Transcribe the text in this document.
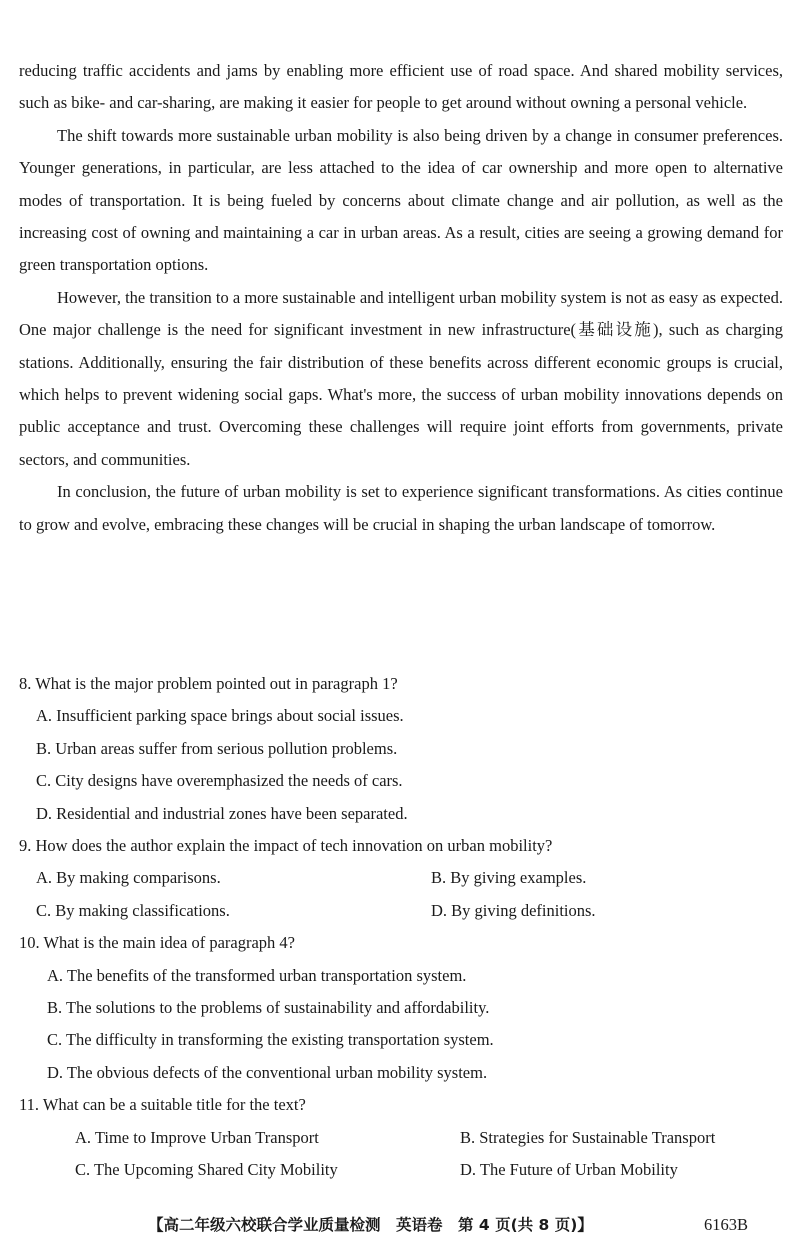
reducing traffic accidents and jams by enabling more efficient use of road space. And shared mobility services, such as bike- and car-sharing, are making it easier for people to get around without owning a personal vehicle.

The shift towards more sustainable urban mobility is also being driven by a change in consumer preferences. Younger generations, in particular, are less attached to the idea of car ownership and more open to alternative modes of transportation. It is being fueled by concerns about climate change and air pollution, as well as the increasing cost of owning and maintaining a car in urban areas. As a result, cities are seeing a growing demand for green transportation options.

However, the transition to a more sustainable and intelligent urban mobility system is not as easy as expected. One major challenge is the need for significant investment in new infrastructure(基础设施), such as charging stations. Additionally, ensuring the fair distribution of these benefits across different economic groups is crucial, which helps to prevent widening social gaps. What's more, the success of urban mobility innovations depends on public acceptance and trust. Overcoming these challenges will require joint efforts from governments, private sectors, and communities.

In conclusion, the future of urban mobility is set to experience significant transformations. As cities continue to grow and evolve, embracing these changes will be crucial in shaping the urban landscape of tomorrow.

8. What is the major problem pointed out in paragraph 1?

A. Insufficient parking space brings about social issues.

B. Urban areas suffer from serious pollution problems.

C. City designs have overemphasized the needs of cars.

D. Residential and industrial zones have been separated.

9. How does the author explain the impact of tech innovation on urban mobility?

A. By making comparisons.	B. By giving examples.

C. By making classifications.	D. By giving definitions.

10. What is the main idea of paragraph 4?

A. The benefits of the transformed urban transportation system.

B. The solutions to the problems of sustainability and affordability.

C. The difficulty in transforming the existing transportation system.

D. The obvious defects of the conventional urban mobility system.

11. What can be a suitable title for the text?

A. Time to Improve Urban Transport	B. Strategies for Sustainable Transport

C. The Upcoming Shared City Mobility	D. The Future of Urban Mobility

【高二年级六校联合学业质量检测　英语卷　第 4 页(共 8 页)】	6163B
